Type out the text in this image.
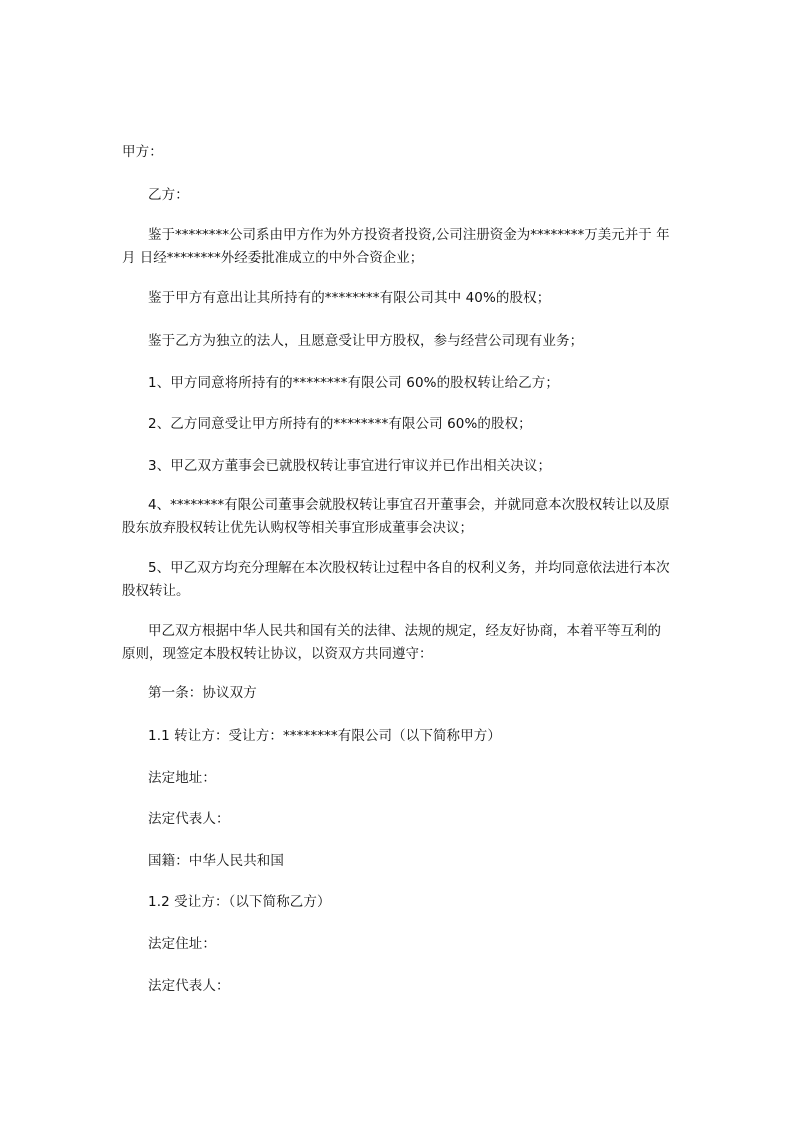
甲方：
乙方：
鉴于********公司系由甲方作为外方投资者投资,公司注册资金为********万美元并于 年 月 日经********外经委批准成立的中外合资企业；
鉴于甲方有意出让其所持有的********有限公司其中 40%的股权；
鉴于乙方为独立的法人，且愿意受让甲方股权，参与经营公司现有业务；
1、甲方同意将所持有的********有限公司 60%的股权转让给乙方；
2、乙方同意受让甲方所持有的********有限公司 60%的股权；
3、甲乙双方董事会已就股权转让事宜进行审议并已作出相关决议；
4、********有限公司董事会就股权转让事宜召开董事会，并就同意本次股权转让以及原股东放弃股权转让优先认购权等相关事宜形成董事会决议；
5、甲乙双方均充分理解在本次股权转让过程中各自的权利义务，并均同意依法进行本次股权转让。
甲乙双方根据中华人民共和国有关的法律、法规的规定，经友好协商，本着平等互利的原则，现签定本股权转让协议，以资双方共同遵守：
第一条：协议双方
1.1 转让方：受让方：********有限公司（以下简称甲方）
法定地址：
法定代表人：
国籍：中华人民共和国
1.2 受让方：（以下简称乙方）
法定住址：
法定代表人：
